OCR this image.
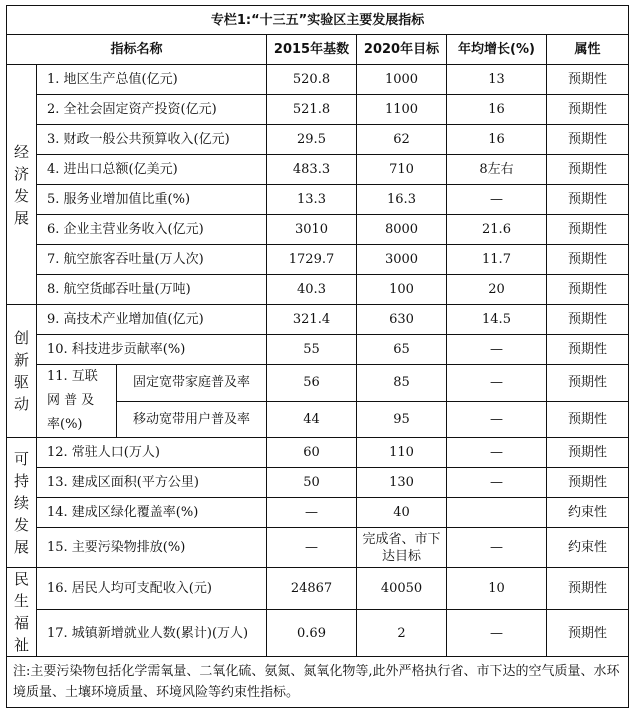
专栏1:“十三五”实验区主要发展指标						
指标名称			2015年基数	2020年目标	年均增长(%)	属性

经
济
发
展	1. 地区生产总值(亿元)		520.8	1000	13	预期性
	2. 全社会固定资产投资(亿元)		521.8	1100	16	预期性
	3. 财政一般公共预算收入(亿元)		29.5	62	16	预期性
	4. 进出口总额(亿美元)		483.3	710	8左右	预期性
	5. 服务业增加值比重(%)		13.3	16.3	—	预期性
	6. 企业主营业务收入(亿元)		3010	8000	21.6	预期性
	7. 航空旅客吞吐量(万人次)		1729.7	3000	11.7	预期性
	8. 航空货邮吞吐量(万吨)		40.3	100	20	预期性

创
新
驱
动	9. 高技术产业增加值(亿元)		321.4	630	14.5	预期性
	10. 科技进步贡献率(%)		55	65	—	预期性

	11. 互联
网 普 及
率(%)	固定宽带家庭普及率	56	85	—	预期性
		移动宽带用户普及率	44	95	—	预期性

可
持
续
发
展	12. 常驻人口(万人)		60	110	—	预期性
	13. 建成区面积(平方公里)		50	130	—	预期性
	14. 建成区绿化覆盖率(%)		—	40		约束性
	15. 主要污染物排放(%)		—	完成省、市下达目标	—	约束性

民
生
福
祉	16. 居民人均可支配收入(元)		24867	40050	10	预期性
	17. 城镇新增就业人数(累计)(万人)		0.69	2	—	预期性
注:主要污染物包括化学需氧量、二氧化硫、氨氮、氮氧化物等,此外严格执行省、市下达的空气质量、水环境质量、土壤环境质量、环境风险等约束性指标。						
